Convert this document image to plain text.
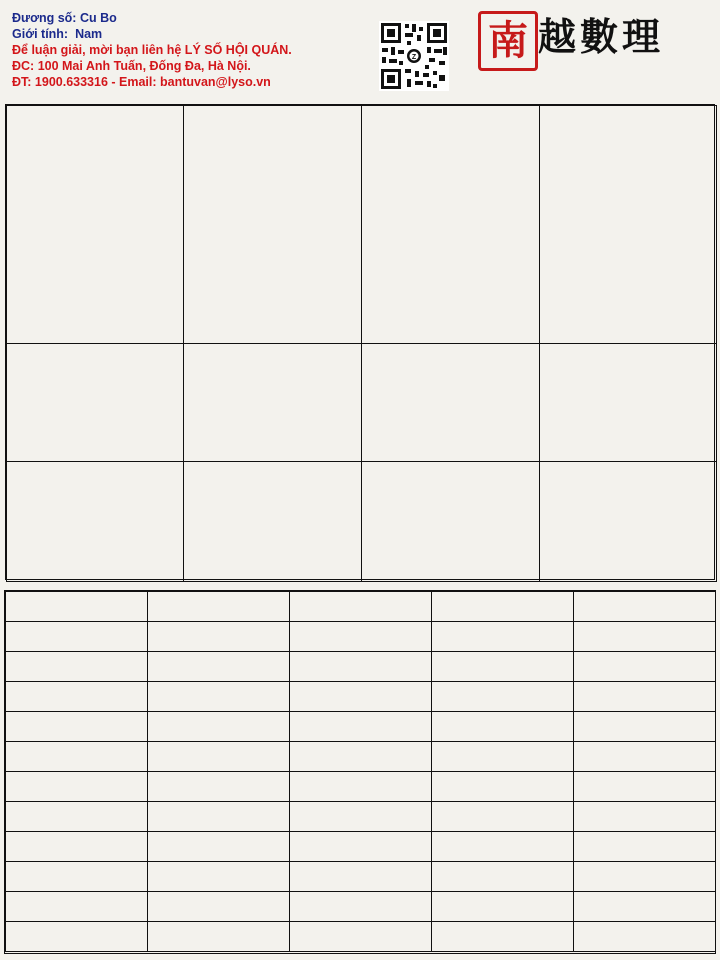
Đương số: Cu Bo
Giới tính: Nam
Để luận giải, mời bạn liên hệ LÝ SỐ HỘI QUÁN.
ĐC: 100 Mai Anh Tuấn, Đống Đa, Hà Nội.
ĐT: 1900.633316 - Email: bantuvan@lyso.vn
Z 南 越數理
